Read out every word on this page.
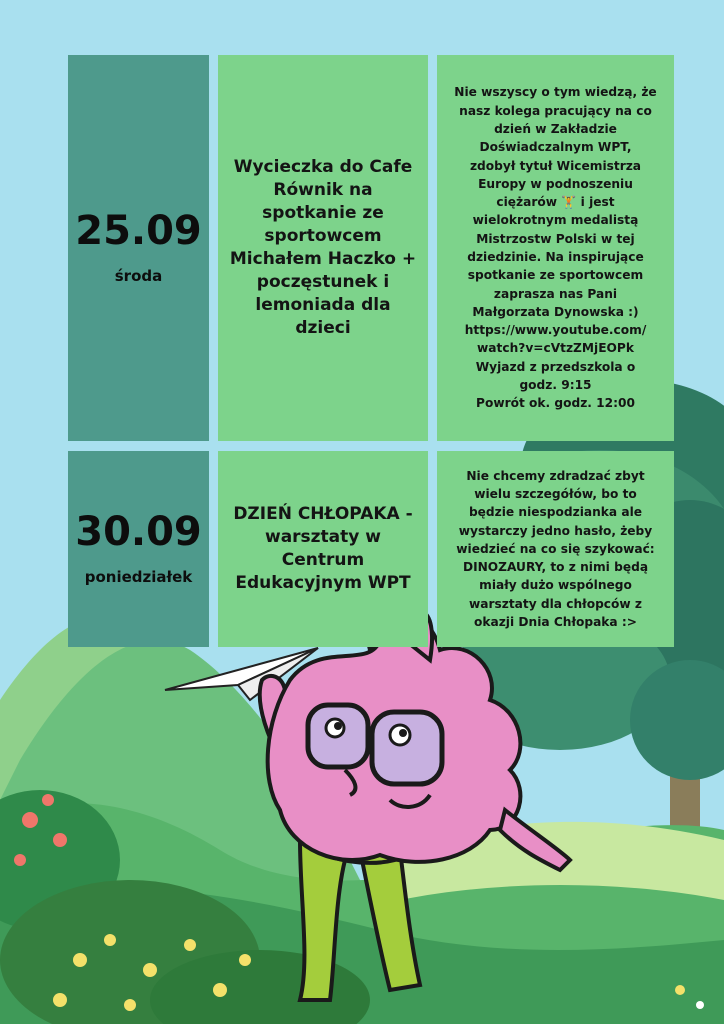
25.09
środa
Wycieczka do Cafe Równik na spotkanie ze sportowcem Michałem Haczko + poczęstunek i lemoniada dla dzieci
Nie wszyscy o tym wiedzą, że
nasz kolega pracujący na co
dzień w Zakładzie
Doświadczalnym WPT,
zdobył tytuł Wicemistrza
Europy w podnoszeniu
ciężarów 🏋️ i jest
wielokrotnym medalistą
Mistrzostw Polski w tej
dziedzinie. Na inspirujące
spotkanie ze sportowcem
zaprasza nas Pani
Małgorzata Dynowska :)
https://www.youtube.com/
watch?v=cVtzZMjEOPk
Wyjazd z przedszkola o
godz. 9:15
Powrót ok. godz. 12:00
30.09
poniedziałek
DZIEŃ CHŁOPAKA - warsztaty w Centrum Edukacyjnym WPT
Nie chcemy zdradzać zbyt
wielu szczegółów, bo to
będzie niespodzianka ale
wystarczy jedno hasło, żeby
wiedzieć na co się szykować:
DINOZAURY, to z nimi będą
miały dużo wspólnego
warsztaty dla chłopców z
okazji Dnia Chłopaka :>
